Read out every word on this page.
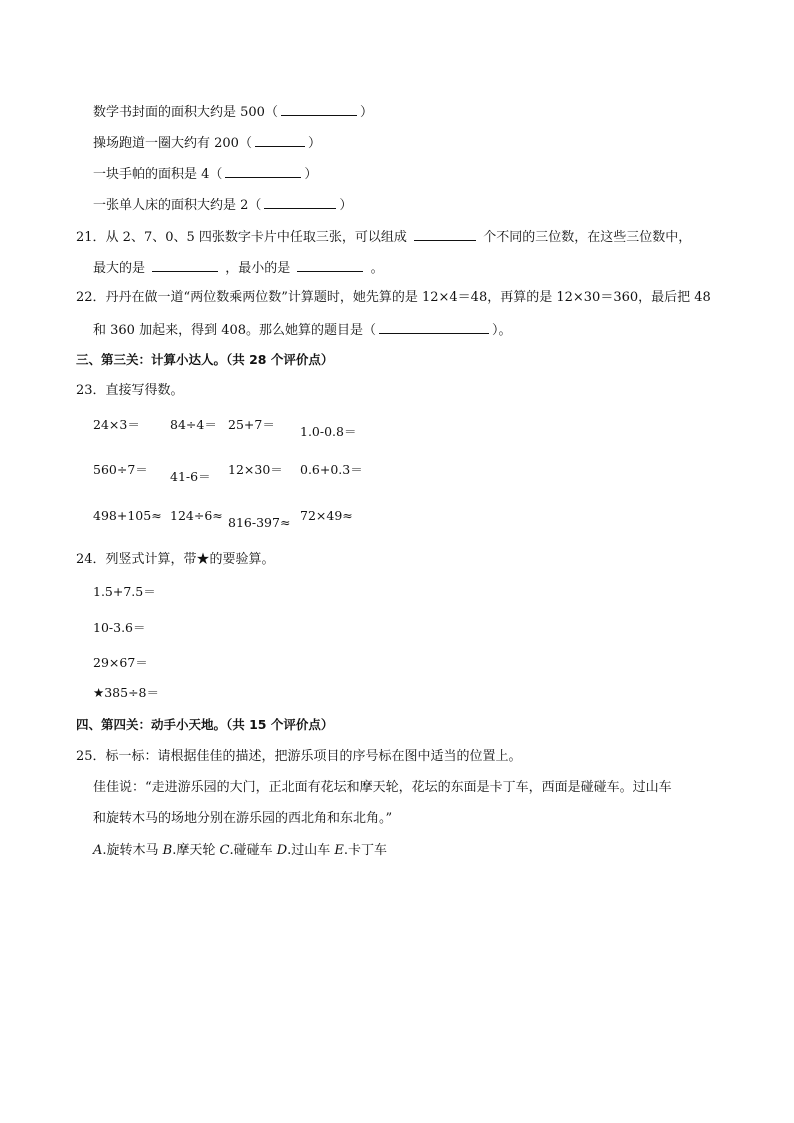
数学书封面的面积大约是 500（	）
操场跑道一圈大约有 200（	）
一块手帕的面积是 4（	）
一张单人床的面积大约是 2（	）
21．从 2、7、0、5 四张数字卡片中任取三张，可以组成	个不同的三位数，在这些三位数中，
最大的是	，最小的是	。
22．丹丹在做一道“两位数乘两位数”计算题时，她先算的是 12×4＝48，再算的是 12×30＝360，最后把 48
和 360 加起来，得到 408。那么她算的题目是（	）。
三、第三关：计算小达人。（共 28 个评价点）
23．直接写得数。
24×3＝ 84÷4＝ 25+7＝ 1.0-0.8＝
560÷7＝ 41-6＝ 12×30＝ 0.6+0.3＝
498+105≈ 124÷6≈ 816-397≈ 72×49≈
24．列竖式计算，带★的要验算。
1.5+7.5＝
10-3.6＝
29×67＝
★385÷8＝
四、第四关：动手小天地。（共 15 个评价点）
25．标一标：请根据佳佳的描述，把游乐项目的序号标在图中适当的位置上。
佳佳说：“走进游乐园的大门，正北面有花坛和摩天轮，花坛的东面是卡丁车，西面是碰碰车。过山车
和旋转木马的场地分别在游乐园的西北角和东北角。”
A.旋转木马 B.摩天轮 C.碰碰车 D.过山车 E.卡丁车
